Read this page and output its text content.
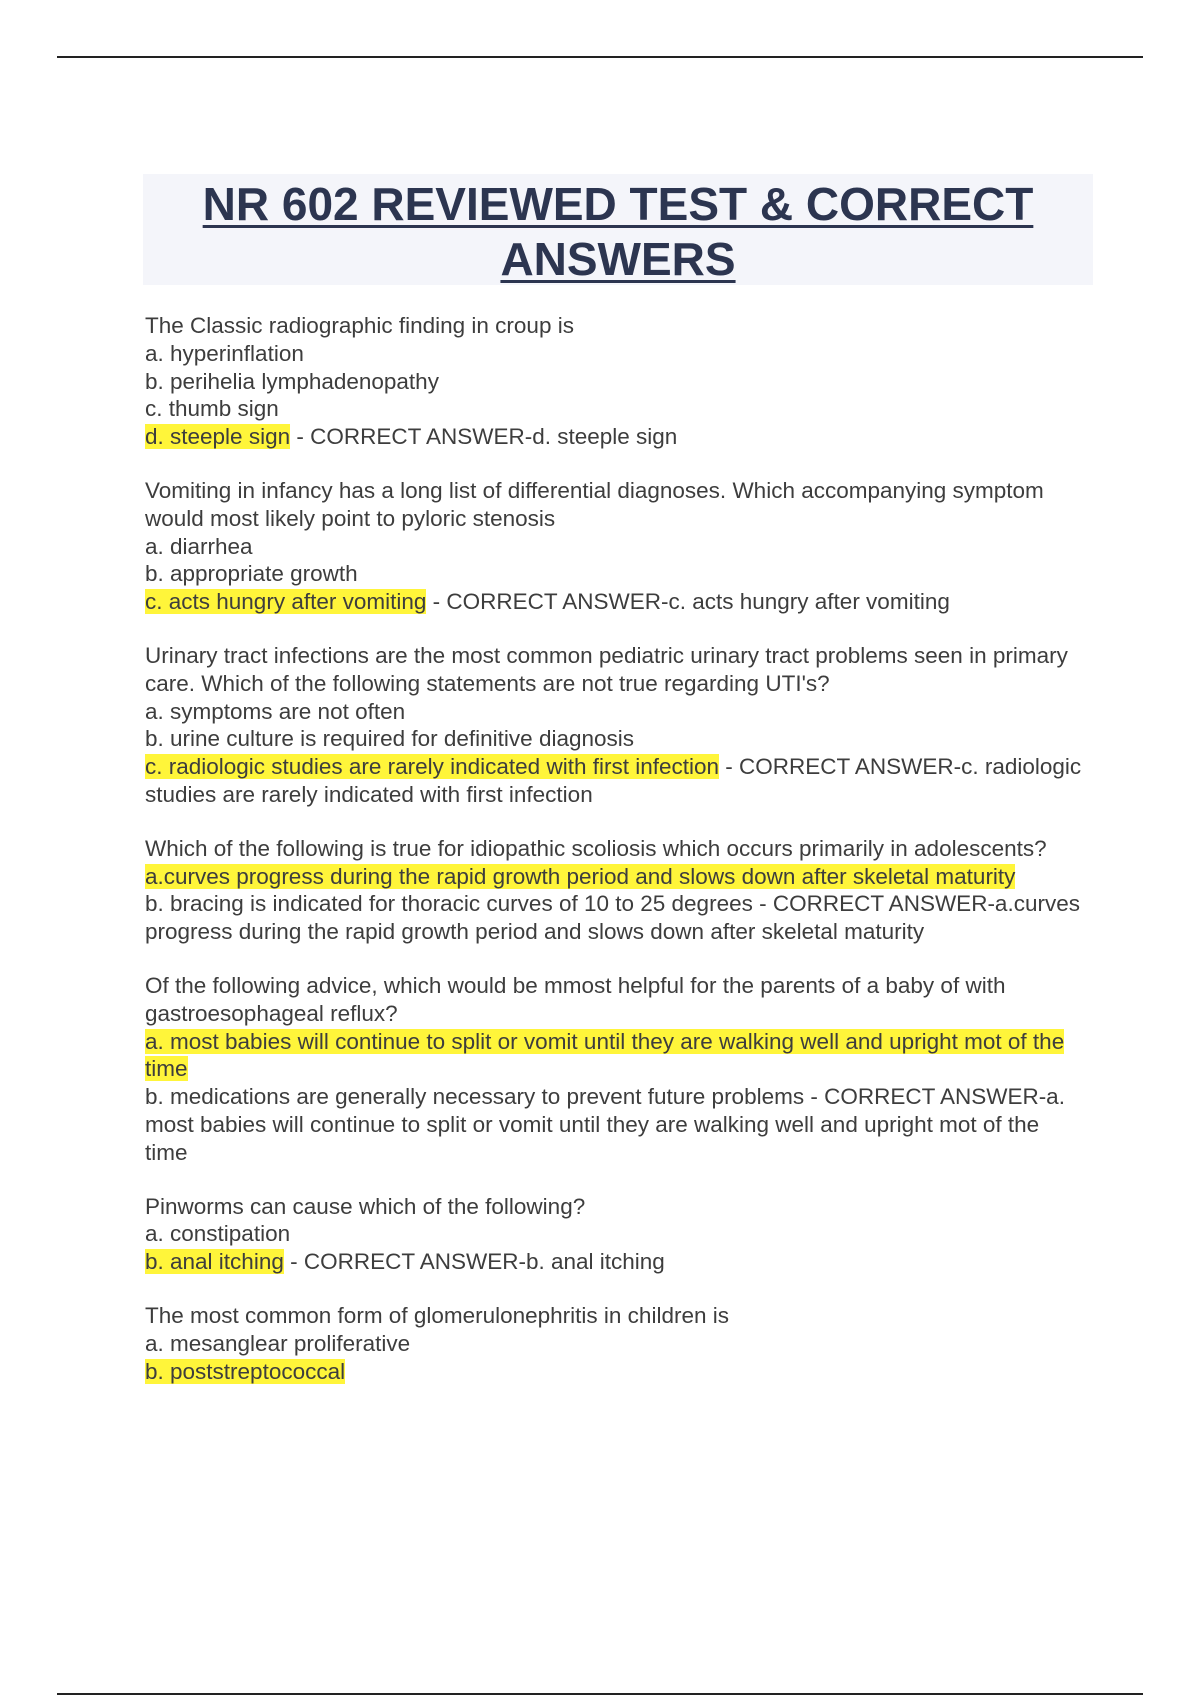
NR 602 REVIEWED TEST & CORRECT ANSWERS
The Classic radiographic finding in croup is
a. hyperinflation
b. perihelia lymphadenopathy
c. thumb sign
d. steeple sign - CORRECT ANSWER-d. steeple sign
Vomiting in infancy has a long list of differential diagnoses. Which accompanying symptom would most likely point to pyloric stenosis
a. diarrhea
b. appropriate growth
c. acts hungry after vomiting - CORRECT ANSWER-c. acts hungry after vomiting
Urinary tract infections are the most common pediatric urinary tract problems seen in primary care. Which of the following statements are not true regarding UTI's?
a. symptoms are not often
b. urine culture is required for definitive diagnosis
c. radiologic studies are rarely indicated with first infection - CORRECT ANSWER-c. radiologic studies are rarely indicated with first infection
Which of the following is true for idiopathic scoliosis which occurs primarily in adolescents?
a.curves progress during the rapid growth period and slows down after skeletal maturity
b. bracing is indicated for thoracic curves of 10 to 25 degrees - CORRECT ANSWER-a.curves progress during the rapid growth period and slows down after skeletal maturity
Of the following advice, which would be mmost helpful for the parents of a baby of with gastroesophageal reflux?
a. most babies will continue to split or vomit until they are walking well and upright mot of the time
b. medications are generally necessary to prevent future problems - CORRECT ANSWER-a. most babies will continue to split or vomit until they are walking well and upright mot of the time
Pinworms can cause which of the following?
a. constipation
b. anal itching - CORRECT ANSWER-b. anal itching
The most common form of glomerulonephritis in children is
a. mesanglear proliferative
b. poststreptococcal
